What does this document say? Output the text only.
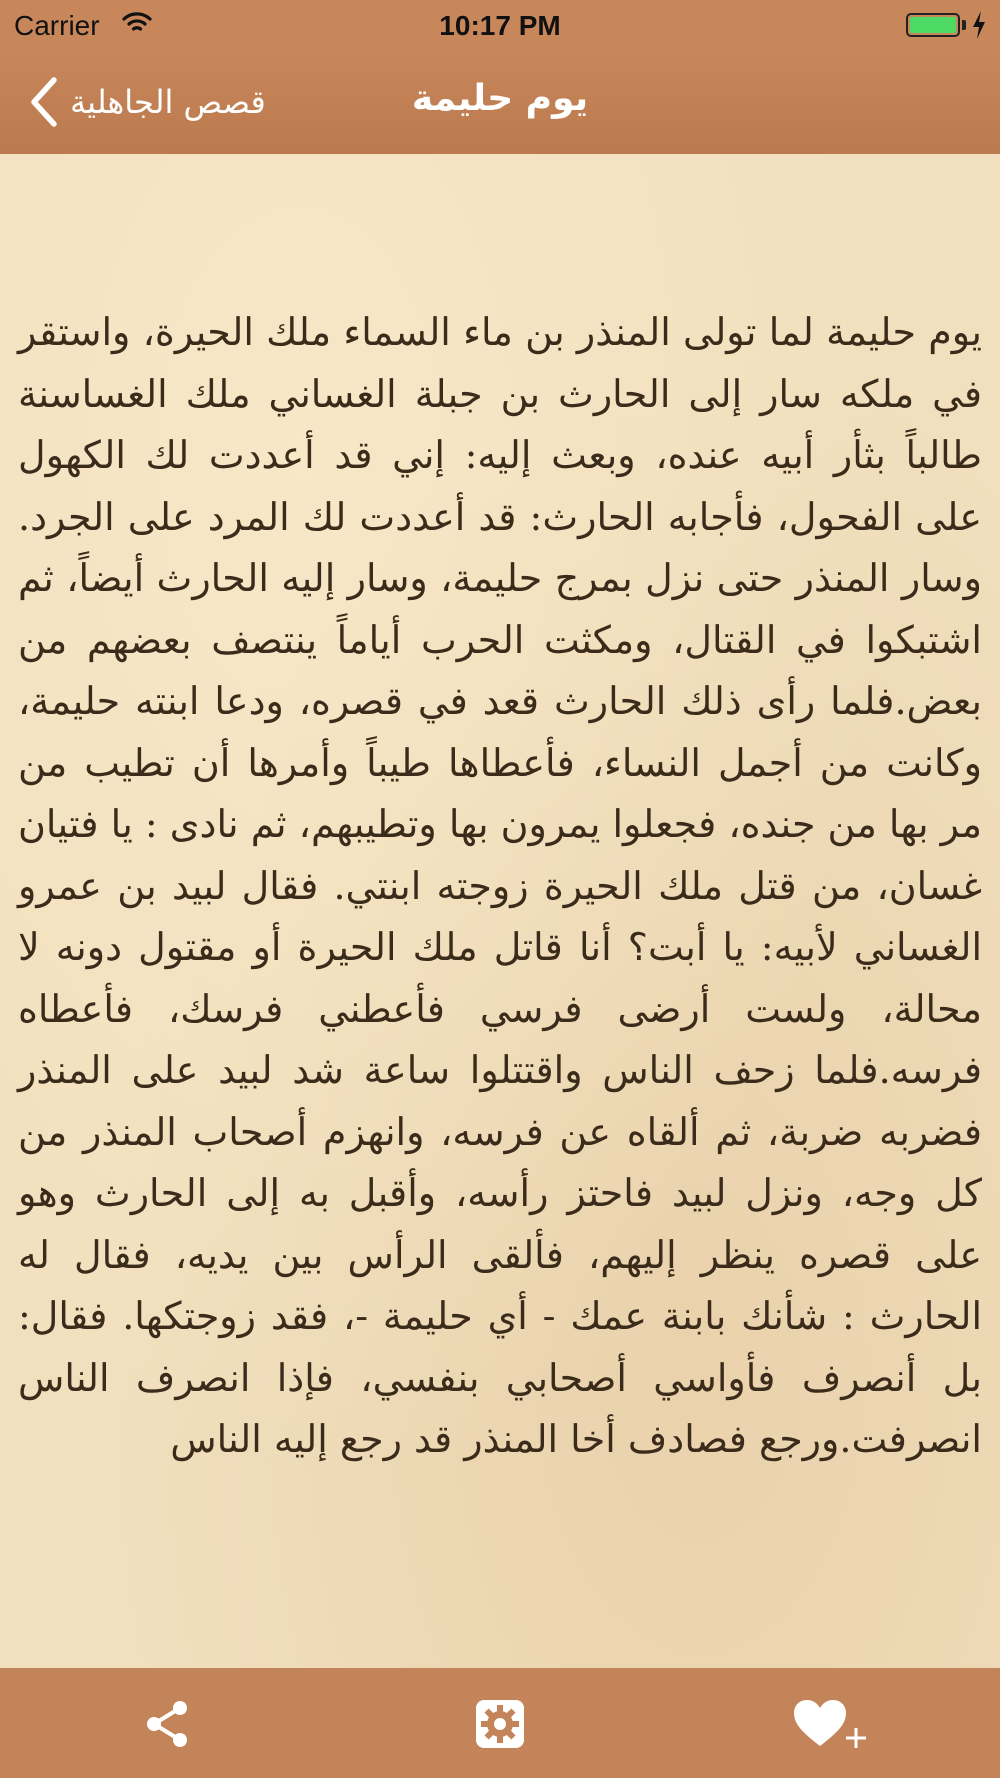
Carrier	10:17 PM
قصص الجاهلية	يوم حليمة

يوم حليمة لما تولى المنذر بن ماء السماء ملك الحيرة، واستقر في ملكه سار إلى الحارث بن جبلة الغساني ملك الغساسنة طالباً بثأر أبيه عنده، وبعث إليه: إني قد أعددت لك الكهول على الفحول، فأجابه الحارث: قد أعددت لك المرد على الجرد. وسار المنذر حتى نزل بمرج حليمة، وسار إليه الحارث أيضاً، ثم اشتبكوا في القتال، ومكثت الحرب أياماً ينتصف بعضهم من بعض.فلما رأى ذلك الحارث قعد في قصره، ودعا ابنته حليمة، وكانت من أجمل النساء، فأعطاها طيباً وأمرها أن تطيب من مر بها من جنده، فجعلوا يمرون بها وتطيبهم، ثم نادى : يا فتيان غسان، من قتل ملك الحيرة زوجته ابنتي. فقال لبيد بن عمرو الغساني لأبيه: يا أبت؟ أنا قاتل ملك الحيرة أو مقتول دونه لا محالة، ولست أرضى فرسي فأعطني فرسك، فأعطاه فرسه.فلما زحف الناس واقتتلوا ساعة شد لبيد على المنذر فضربه ضربة، ثم ألقاه عن فرسه، وانهزم أصحاب المنذر من كل وجه، ونزل لبيد فاحتز رأسه، وأقبل به إلى الحارث وهو على قصره ينظر إليهم، فألقى الرأس بين يديه، فقال له الحارث : شأنك بابنة عمك - أي حليمة -، فقد زوجتكها. فقال: بل أنصرف فأواسي أصحابي بنفسي، فإذا انصرف الناس انصرفت.ورجع فصادف أخا المنذر قد رجع إليه الناس
